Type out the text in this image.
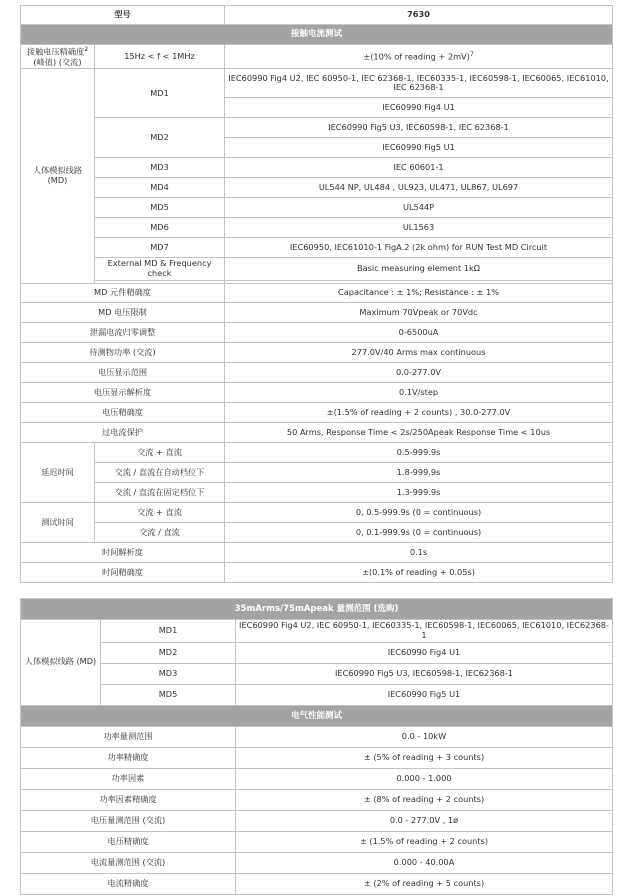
型号		7630
接触电流测试		
接触电压精确度$^2$
(峰值) (交流)	15Hz < f < 1MHz	±(10% of reading + 2mV)$^7$
人体模拟线路 (MD)	MD1	IEC60990 Fig4 U2, IEC 60950-1, IEC 62368-1, IEC60335-1, IEC60598-1, IEC60065, IEC61010, IEC 62368-1
		IEC60990 Fig4 U1
	MD2	IEC60990 Fig5 U3, IEC60598-1, IEC 62368-1
		IEC60990 Fig5 U1
	MD3	IEC 60601-1
	MD4	UL544 NP, UL484 , UL923, UL471, UL867, UL697
	MD5	UL544P
	MD6	UL1563
	MD7	IEC60950, IEC61010-1 FigA.2 (2k ohm) for RUN Test MD Circuit
	External MD & Frequency check	Basic measuring element 1kΩ

MD 元件精确度		Capacitance : ± 1%; Resistance : ± 1%
MD 电压限制		Maximum 70Vpeak or 70Vdc
泄漏电流归零调整		0-6500uA
待测物功率 (交流)		277.0V/40 Arms max continuous
电压显示范围		0.0-277.0V
电压显示解析度		0.1V/step
电压精确度		±(1.5% of reading + 2 counts) , 30.0-277.0V
过电流保护		50 Arms, Response Time < 2s/250Apeak Response Time < 10us
延迟时间	交流 + 直流	0.5-999.9s
	交流 / 直流在自动档位下	1.8-999.9s
	交流 / 直流在固定档位下	1.3-999.9s
测试时间	交流 + 直流	0, 0.5-999.9s (0 = continuous)
	交流 / 直流	0, 0.1-999.9s (0 = continuous)
时间解析度		0.1s
时间精确度		±(0.1% of reading + 0.05s)
35mArms/75mApeak 量测范围 (选购)		
人体模拟线路 (MD)	MD1	IEC60990 Fig4 U2, IEC 60950-1, IEC60335-1, IEC60598-1, IEC60065, IEC61010, IEC62368-1
	MD2	IEC60990 Fig4 U1
	MD3	IEC60990 Fig5 U3, IEC60598-1, IEC62368-1
	MD5	IEC60990 Fig5 U1
电气性能测试		
功率量测范围		0.0 - 10kW
功率精确度		± (5% of reading + 3 counts)
功率因素		0.000 - 1.000
功率因素精确度		± (8% of reading + 2 counts)
电压量测范围 (交流)		0.0 - 277.0V , 1ø
电压精确度		± (1.5% of reading + 2 counts)
电流量测范围 (交流)		0.000 - 40.00A
电流精确度		± (2% of reading + 5 counts)
